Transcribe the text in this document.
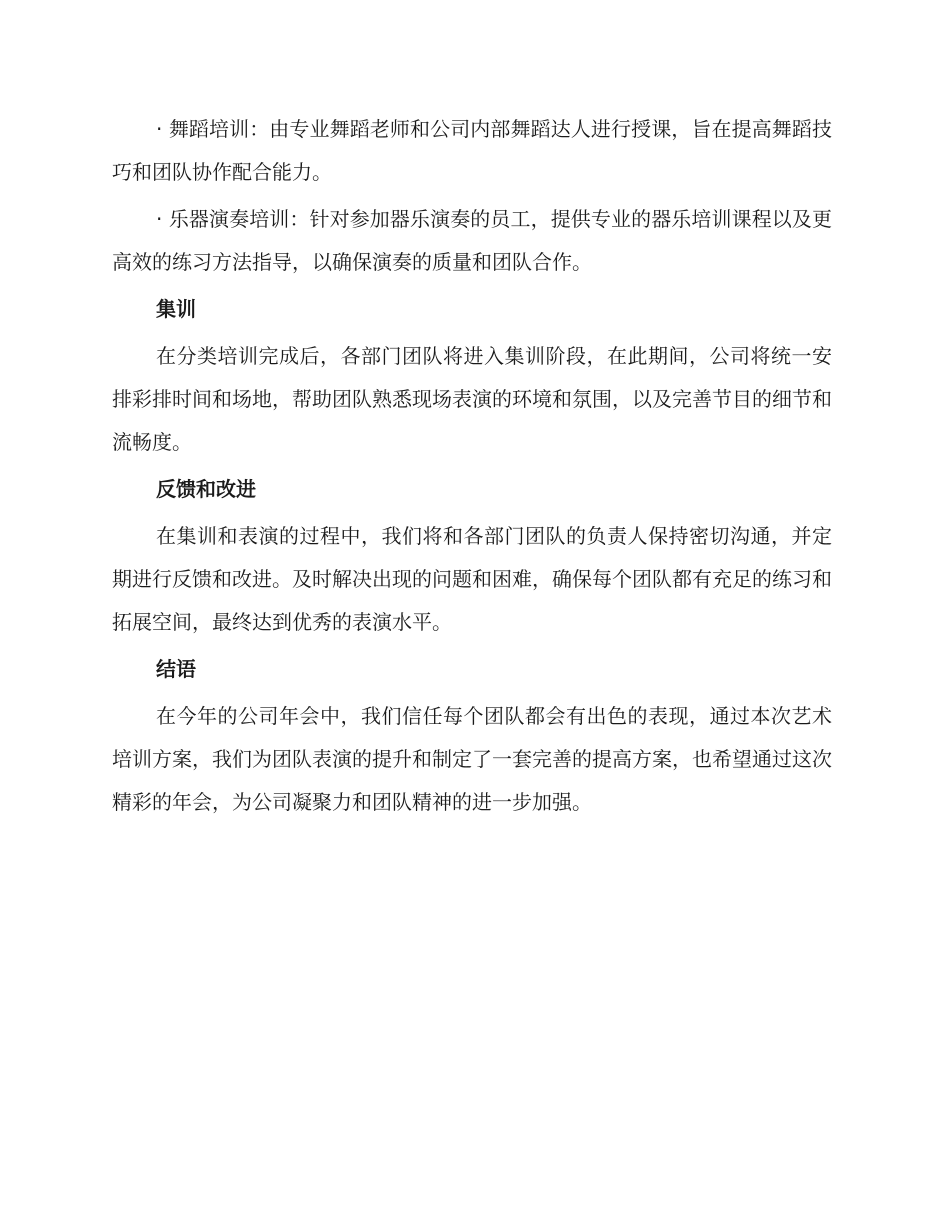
· 舞蹈培训：由专业舞蹈老师和公司内部舞蹈达人进行授课，旨在提高舞蹈技巧和团队协作配合能力。

· 乐器演奏培训：针对参加器乐演奏的员工，提供专业的器乐培训课程以及更高效的练习方法指导，以确保演奏的质量和团队合作。

集训

在分类培训完成后，各部门团队将进入集训阶段，在此期间，公司将统一安排彩排时间和场地，帮助团队熟悉现场表演的环境和氛围，以及完善节目的细节和流畅度。

反馈和改进

在集训和表演的过程中，我们将和各部门团队的负责人保持密切沟通，并定期进行反馈和改进。及时解决出现的问题和困难，确保每个团队都有充足的练习和拓展空间，最终达到优秀的表演水平。

结语

在今年的公司年会中，我们信任每个团队都会有出色的表现，通过本次艺术培训方案，我们为团队表演的提升和制定了一套完善的提高方案，也希望通过这次精彩的年会，为公司凝聚力和团队精神的进一步加强。
